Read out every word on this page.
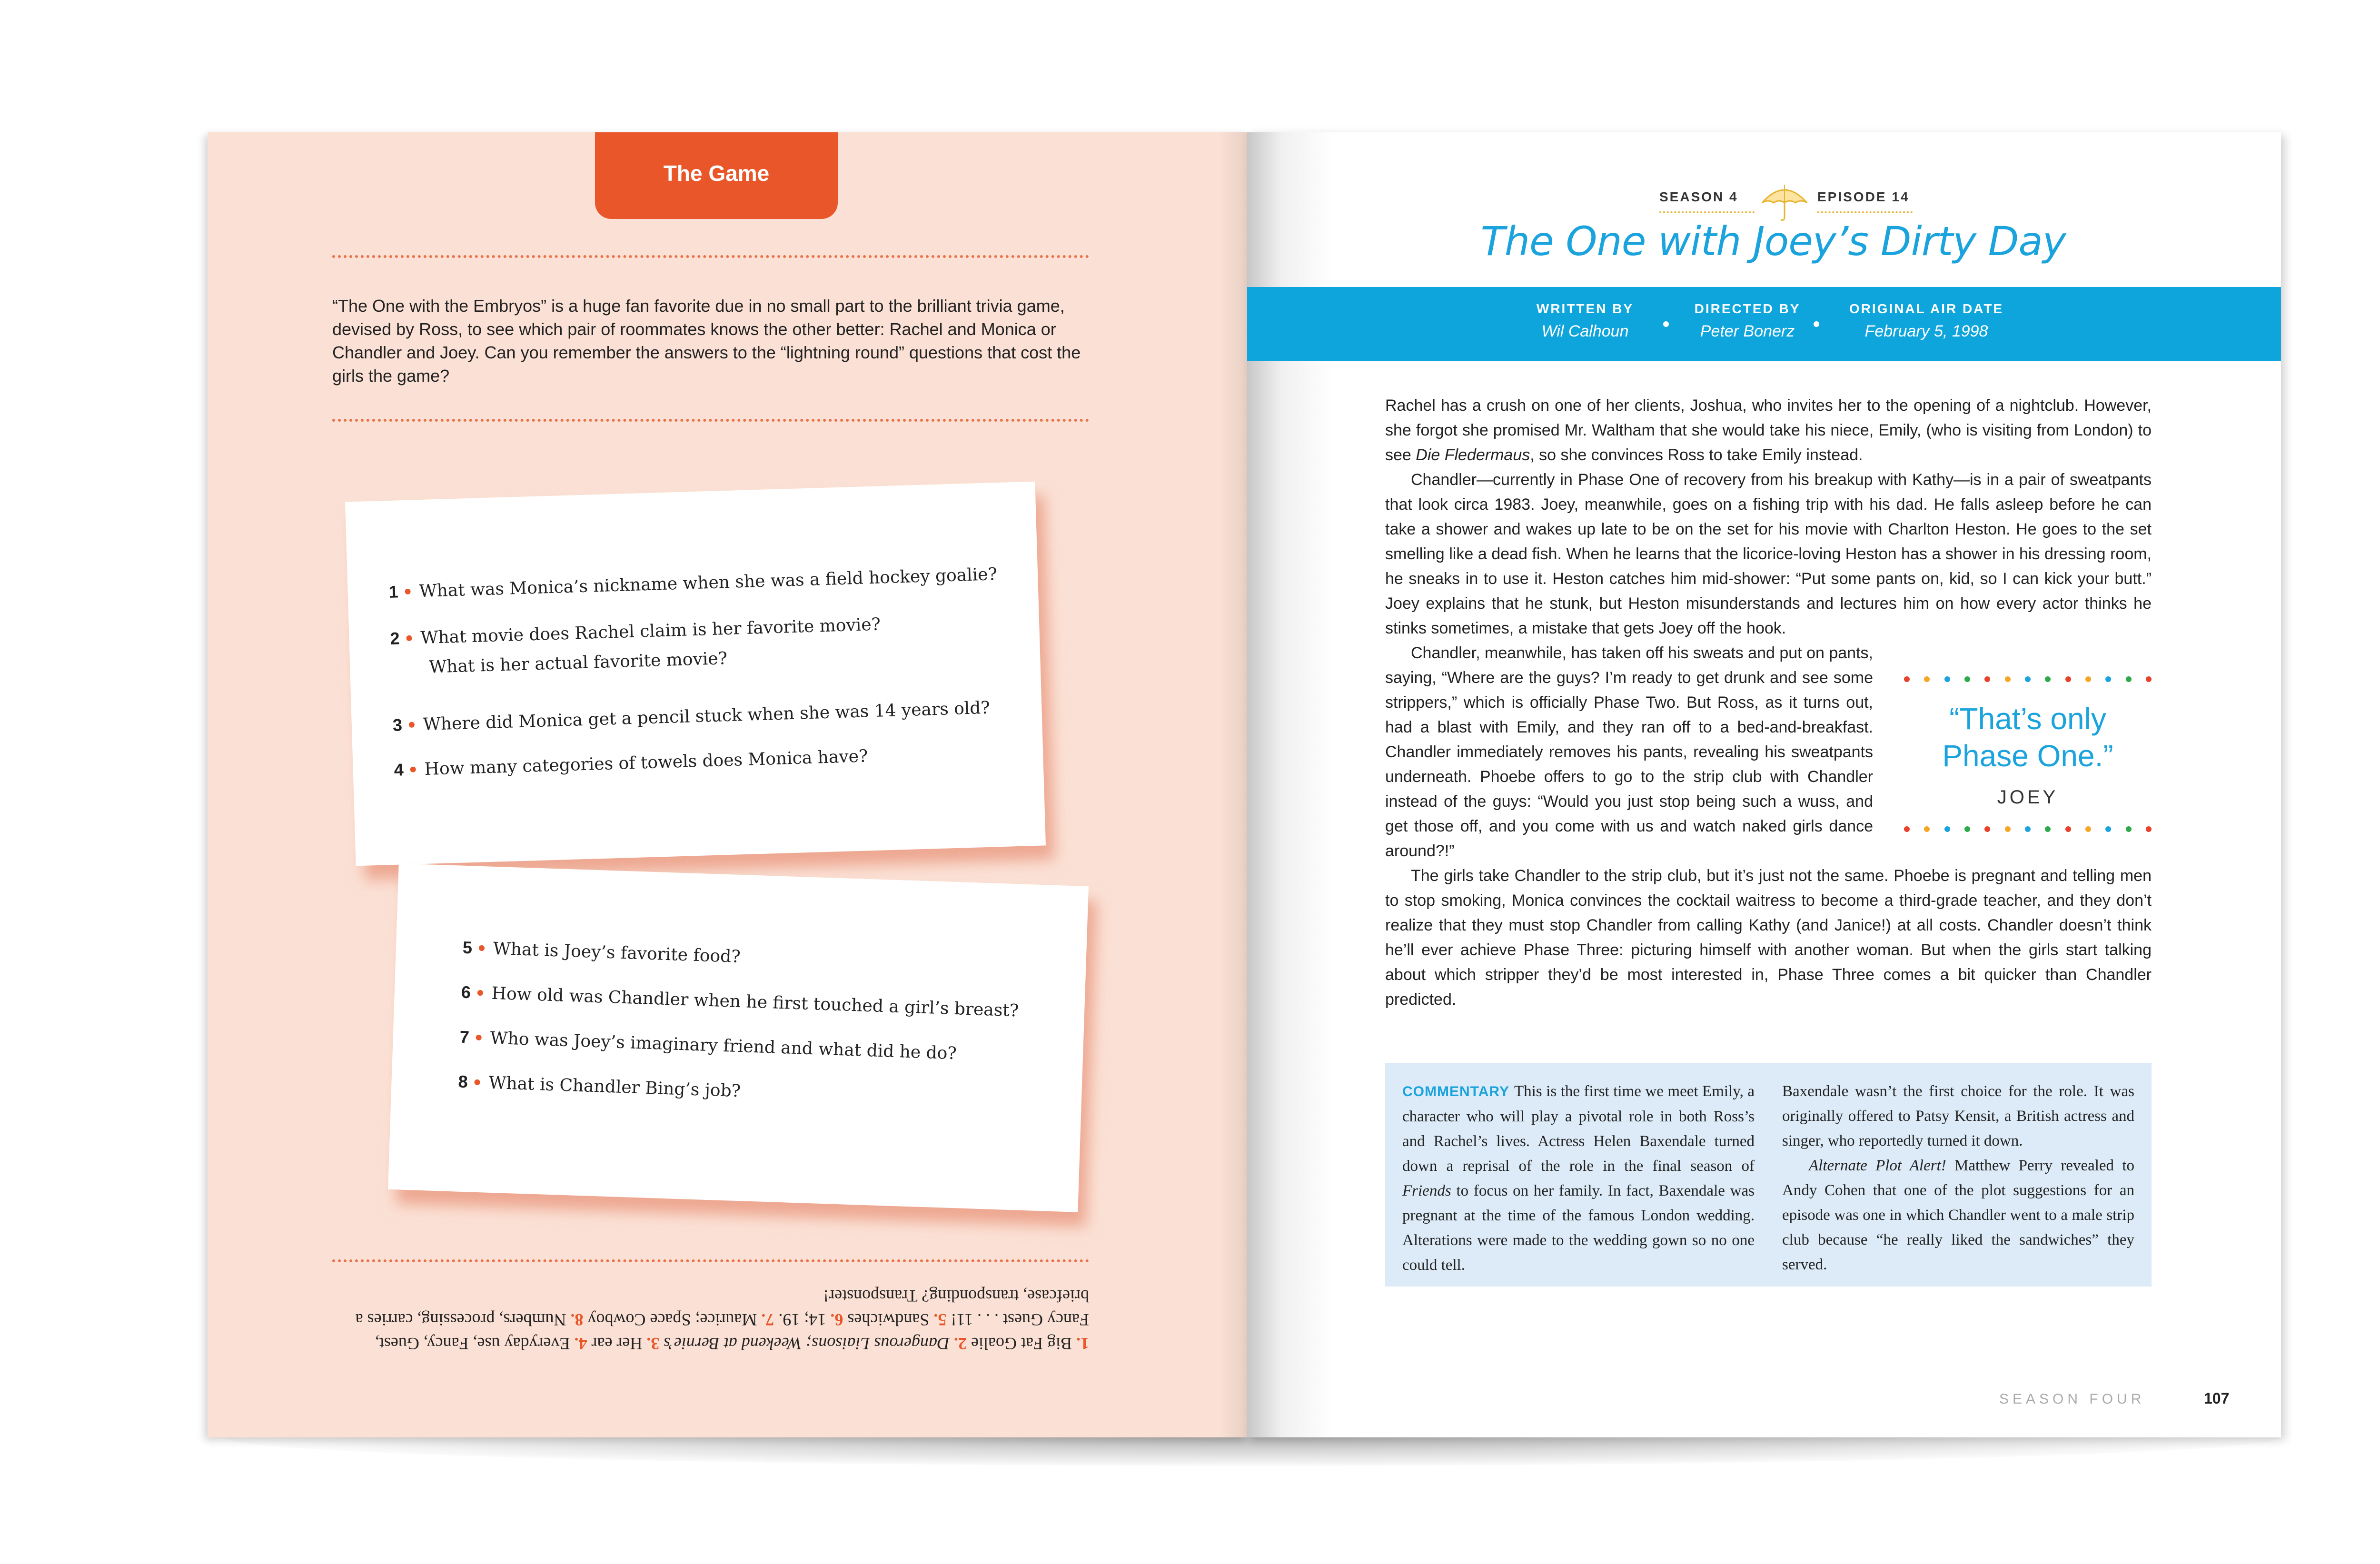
The Game
“The One with the Embryos” is a huge fan favorite due in no small part to the brilliant trivia game, devised by Ross, to see which pair of roommates knows the other better: Rachel and Monica or Chandler and Joey. Can you remember the answers to the “lightning round” questions that cost the girls the game?
1 What was Monica’s nickname when she was a field hockey goalie?
2 What movie does Rachel claim is her favorite movie?
What is her actual favorite movie?
3 Where did Monica get a pencil stuck when she was 14 years old?
4 How many categories of towels does Monica have?
5 What is Joey’s favorite food?
6 How old was Chandler when he first touched a girl’s breast?
7 Who was Joey’s imaginary friend and what did he do?
8 What is Chandler Bing’s job?
1. Big Fat Goalie 2. Dangerous Liaisons; Weekend at Bernie’s 3. Her ear 4. Everyday use, Fancy, Guest, Fancy Guest . . . 11! 5. Sandwiches 6. 14; 19. 7. Maurice; Space Cowboy 8. Numbers, processing, carries a briefcase, transponding? Transponster!
SEASON 4	EPISODE 14
The One with Joey’s Dirty Day
WRITTEN BY
Wil Calhoun
DIRECTED BY
Peter Bonerz
ORIGINAL AIR DATE
February 5, 1998

Rachel has a crush on one of her clients, Joshua, who invites her to the opening of a nightclub. However, she forgot she promised Mr. Waltham that she would take his niece, Emily, (who is visiting from London) to see Die Fledermaus, so she convinces Ross to take Emily instead.

Chandler—currently in Phase One of recovery from his breakup with Kathy—is in a pair of sweatpants that look circa 1983. Joey, meanwhile, goes on a fishing trip with his dad. He falls asleep before he can take a shower and wakes up late to be on the set for his movie with Charlton Heston. He goes to the set smelling like a dead fish. When he learns that the licorice-loving Heston has a shower in his dressing room, he sneaks in to use it. Heston catches him mid-shower: “Put some pants on, kid, so I can kick your butt.” Joey explains that he stunk, but Heston misunderstands and lectures him on how every actor thinks he stinks sometimes, a mistake that gets Joey off the hook.

Chandler, meanwhile, has taken off his sweats and put on pants, saying, “Where are the guys? I’m ready to get drunk and see some strippers,” which is officially Phase Two. But Ross, as it turns out, had a blast with Emily, and they ran off to a bed-and-breakfast. Chandler immediately removes his pants, revealing his sweatpants underneath. Phoebe offers to go to the strip club with Chandler instead of the guys: “Would you just stop being such a wuss, and get those off, and you come with us and watch naked girls dance around?!”

The girls take Chandler to the strip club, but it’s just not the same. Phoebe is pregnant and telling men to stop smoking, Monica convinces the cocktail waitress to become a third-grade teacher, and they don’t realize that they must stop Chandler from calling Kathy (and Janice!) at all costs. Chandler doesn’t think he’ll ever achieve Phase Three: picturing himself with another woman. But when the girls start talking about which stripper they’d be most interested in, Phase Three comes a bit quicker than Chandler predicted.

“That’s only Phase One.”
JOEY
COMMENTARY This is the first time we meet Emily, a character who will play a pivotal role in both Ross’s and Rachel’s lives. Actress Helen Baxendale turned down a reprisal of the role in the final season of Friends to focus on her family. In fact, Baxendale was pregnant at the time of the famous London wedding. Alterations were made to the wedding gown so no one could tell.
Baxendale wasn’t the first choice for the role. It was originally offered to Patsy Kensit, a British actress and singer, who reportedly turned it down.
Alternate Plot Alert! Matthew Perry revealed to Andy Cohen that one of the plot suggestions for an episode was one in which Chandler went to a male strip club because “he really liked the sandwiches” they served.
SEASON FOUR	107
